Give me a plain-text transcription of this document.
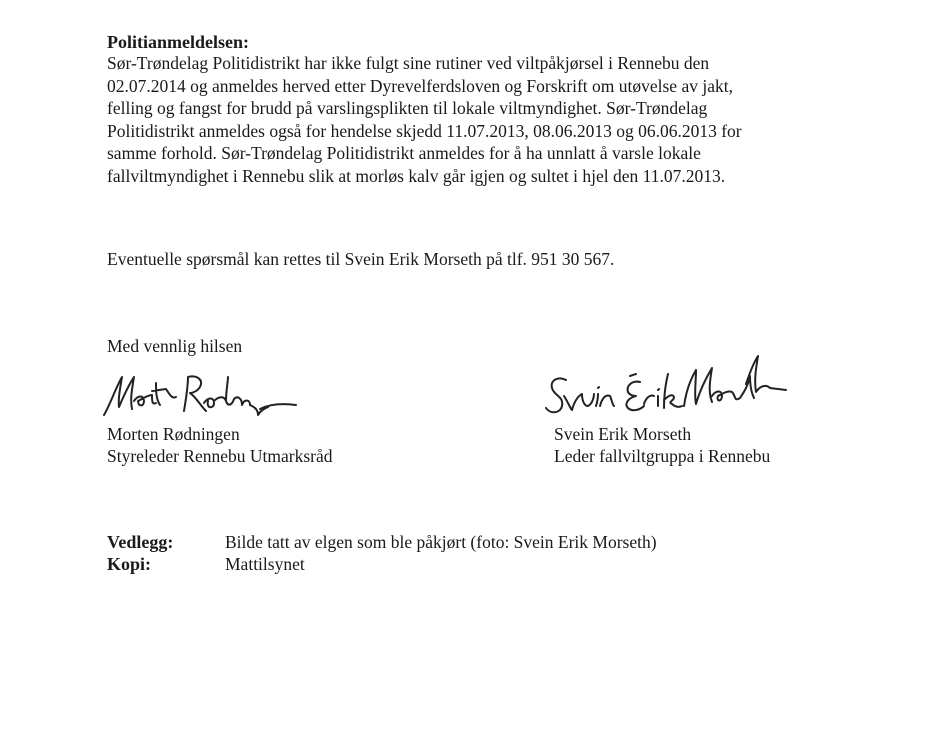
Politianmeldelsen:
Sør-Trøndelag Politidistrikt har ikke fulgt sine rutiner ved viltpåkjørsel i Rennebu den
02.07.2014 og anmeldes herved etter Dyrevelferdsloven og Forskrift om utøvelse av jakt,
felling og fangst for brudd på varslingsplikten til lokale viltmyndighet. Sør-Trøndelag
Politidistrikt anmeldes også for hendelse skjedd 11.07.2013, 08.06.2013 og 06.06.2013 for
samme forhold. Sør-Trøndelag Politidistrikt anmeldes for å ha unnlatt å varsle lokale
fallviltmyndighet i Rennebu slik at morløs kalv går igjen og sultet i hjel den 11.07.2013.
Eventuelle spørsmål kan rettes til Svein Erik Morseth på tlf. 951 30 567.
Med vennlig hilsen
Morten Rødningen
Styreleder Rennebu Utmarksråd
Svein Erik Morseth
Leder fallviltgruppa i Rennebu
Vedlegg:	Bilde tatt av elgen som ble påkjørt (foto: Svein Erik Morseth)
Kopi:	Mattilsynet
